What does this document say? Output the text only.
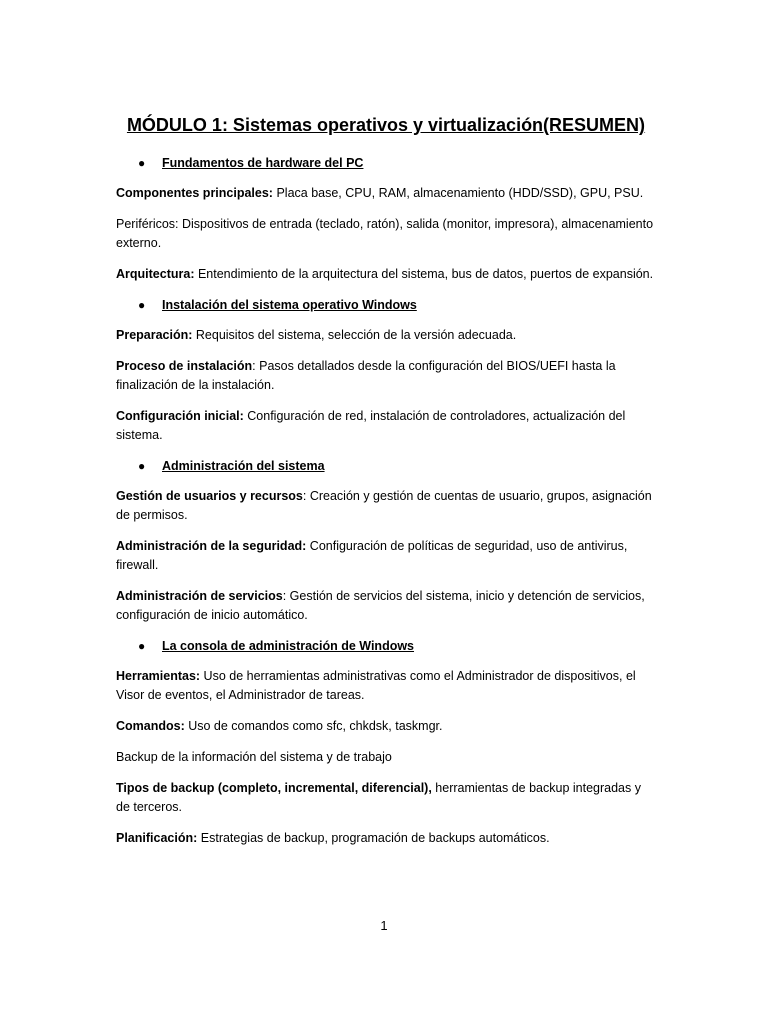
MÓDULO 1: Sistemas operativos y virtualización(RESUMEN)
● Fundamentos de hardware del PC

Componentes principales: Placa base, CPU, RAM, almacenamiento (HDD/SSD), GPU, PSU.

Periféricos: Dispositivos de entrada (teclado, ratón), salida (monitor, impresora), almacenamiento externo.

Arquitectura: Entendimiento de la arquitectura del sistema, bus de datos, puertos de expansión.

● Instalación del sistema operativo Windows

Preparación: Requisitos del sistema, selección de la versión adecuada.

Proceso de instalación: Pasos detallados desde la configuración del BIOS/UEFI hasta la finalización de la instalación.

Configuración inicial: Configuración de red, instalación de controladores, actualización del sistema.

● Administración del sistema

Gestión de usuarios y recursos: Creación y gestión de cuentas de usuario, grupos, asignación de permisos.

Administración de la seguridad: Configuración de políticas de seguridad, uso de antivirus, firewall.

Administración de servicios: Gestión de servicios del sistema, inicio y detención de servicios, configuración de inicio automático.

● La consola de administración de Windows

Herramientas: Uso de herramientas administrativas como el Administrador de dispositivos, el Visor de eventos, el Administrador de tareas.

Comandos: Uso de comandos como sfc, chkdsk, taskmgr.

Backup de la información del sistema y de trabajo

Tipos de backup (completo, incremental, diferencial), herramientas de backup integradas y de terceros.

Planificación: Estrategias de backup, programación de backups automáticos.

1
